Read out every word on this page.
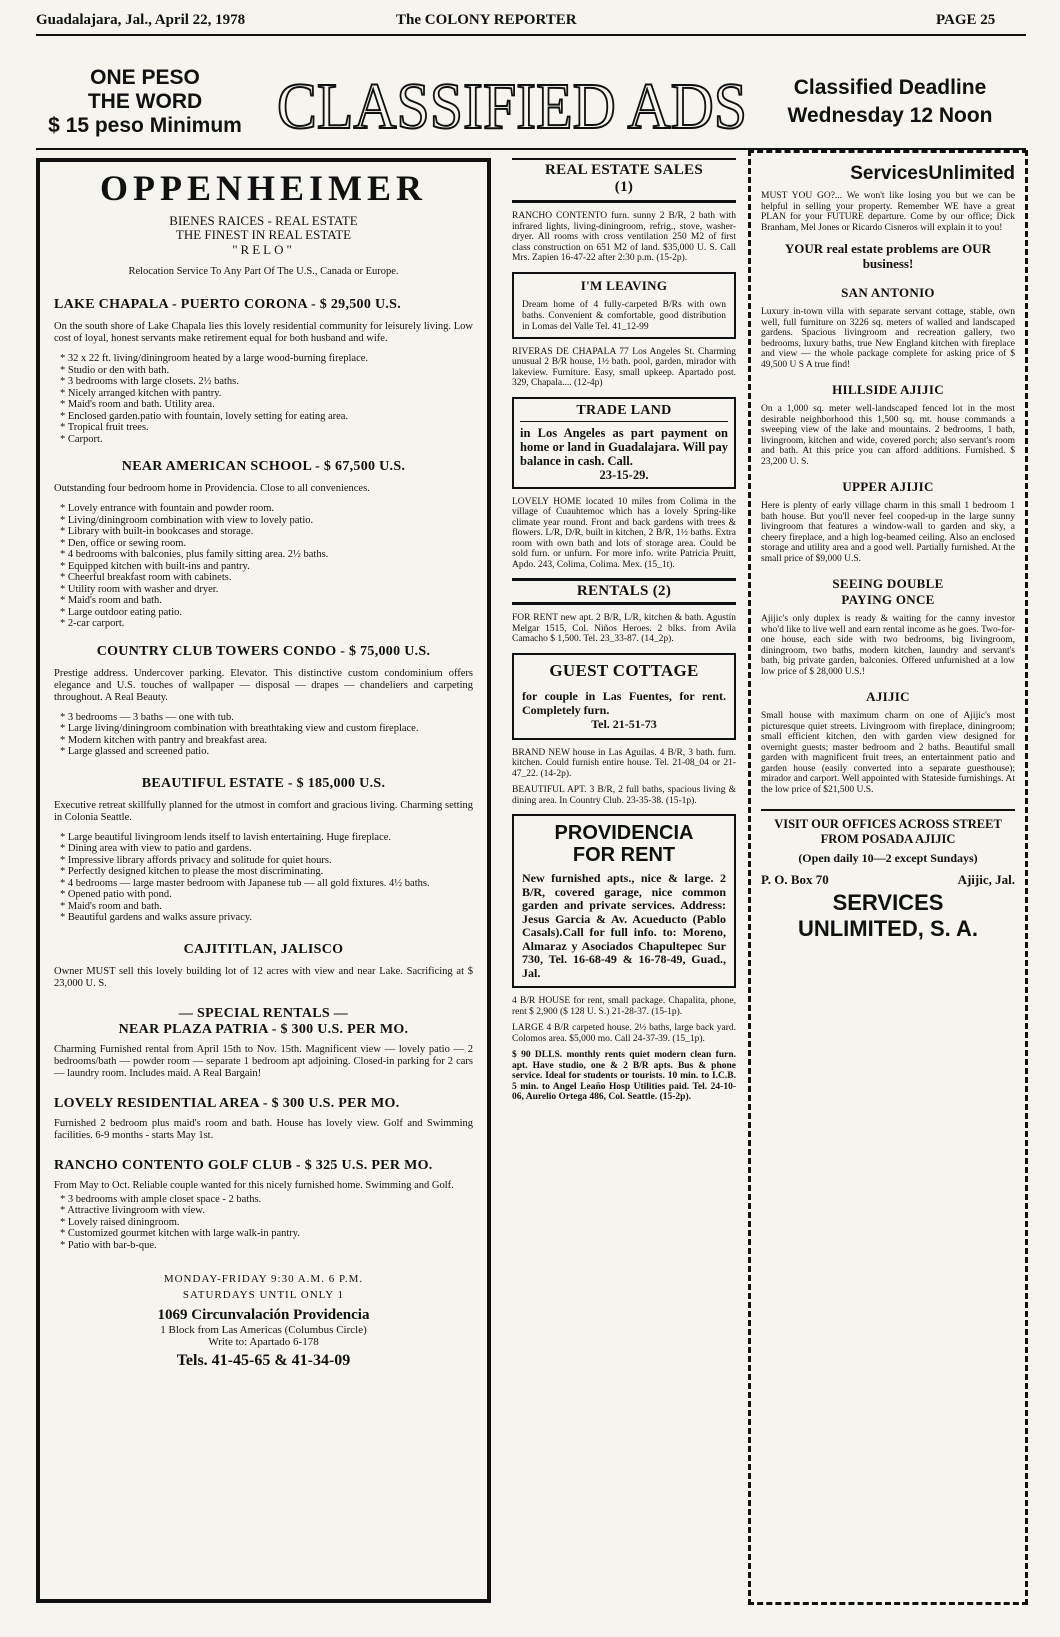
Guadalajara, Jal., April 22, 1978	The COLONY REPORTER	PAGE 25
ONE PESO
THE WORD
$ 15 peso Minimum CLASSIFIED ADS	Classified Deadline
Wednesday 12 Noon
OPPENHEIMER
BIENES RAICES - REAL ESTATE
THE FINEST IN REAL ESTATE
"RELO"
Relocation Service To Any Part Of The U.S., Canada or Europe.
LAKE CHAPALA - PUERTO CORONA - $ 29,500 U.S.

On the south shore of Lake Chapala lies this lovely residential community for leisurely living. Low cost of loyal, honest servants make retirement equal for both husband and wife.

* 32 x 22 ft. living/diningroom heated by a large wood-burning fireplace.
* Studio or den with bath.
* 3 bedrooms with large closets. 2½ baths.
* Nicely arranged kitchen with pantry.
* Maid's room and bath. Utility area.
* Enclosed garden.patio with fountain, lovely setting for eating area.
* Tropical fruit trees.
* Carport.
NEAR AMERICAN SCHOOL - $ 67,500 U.S.

Outstanding four bedroom home in Providencia. Close to all conveniences.

* Lovely entrance with fountain and powder room.
* Living/diningroom combination with view to lovely patio.
* Library with built-in bookcases and storage.
* Den, office or sewing room.
* 4 bedrooms with balconies, plus family sitting area. 2½ baths.
* Equipped kitchen with built-ins and pantry.
* Cheerful breakfast room with cabinets.
* Utility room with washer and dryer.
* Maid's room and bath.
* Large outdoor eating patio.
* 2-car carport.
COUNTRY CLUB TOWERS CONDO - $ 75,000 U.S.

Prestige address. Undercover parking. Elevator. This distinctive custom condominium offers elegance and U.S. touches of wallpaper — disposal — drapes — chandeliers and carpeting throughout. A Real Beauty.

* 3 bedrooms — 3 baths — one with tub.
* Large living/diningroom combination with breathtaking view and custom fireplace.
* Modern kitchen with pantry and breakfast area.
* Large glassed and screened patio.
BEAUTIFUL ESTATE - $ 185,000 U.S.

Executive retreat skillfully planned for the utmost in comfort and gracious living. Charming setting in Colonia Seattle.

* Large beautiful livingroom lends itself to lavish entertaining. Huge fireplace.
* Dining area with view to patio and gardens.
* Impressive library affords privacy and solitude for quiet hours.
* Perfectly designed kitchen to please the most discriminating.
* 4 bedrooms — large master bedroom with Japanese tub — all gold fixtures. 4½ baths.
* Opened patio with pond.
* Maid's room and bath.
* Beautiful gardens and walks assure privacy.
CAJITITLAN, JALISCO

Owner MUST sell this lovely building lot of 12 acres with view and near Lake. Sacrificing at $ 23,000 U. S.

— SPECIAL RENTALS —
NEAR PLAZA PATRIA - $ 300 U.S. PER MO.

Charming Furnished rental from April 15th to Nov. 15th. Magnificent view — lovely patio — 2 bedrooms/bath — powder room — separate 1 bedroom apt adjoining. Closed-in parking for 2 cars — laundry room. Includes maid. A Real Bargain!

LOVELY RESIDENTIAL AREA - $ 300 U.S. PER MO.

Furnished 2 bedroom plus maid's room and bath. House has lovely view. Golf and Swimming facilities. 6-9 months - starts May 1st.

RANCHO CONTENTO GOLF CLUB - $ 325 U.S. PER MO.

From May to Oct. Reliable couple wanted for this nicely furnished home. Swimming and Golf.

* 3 bedrooms with ample closet space - 2 baths.
* Attractive livingroom with view.
* Lovely raised diningroom.
* Customized gourmet kitchen with large walk-in pantry.
* Patio with bar-b-que.
MONDAY-FRIDAY 9:30 A.M. 6 P.M.
SATURDAYS UNTIL ONLY 1
1069 Circunvalación Providencia
1 Block from Las Americas (Columbus Circle)
Write to: Apartado 6-178
Tels. 41-45-65 & 41-34-09
REAL ESTATE SALES
(1)

RANCHO CONTENTO furn. sunny 2 B/R, 2 bath with infrared lights, living-diningroom, refrig., stove, washer-dryer. All rooms with cross ventilation 250 M2 of first class construction on 651 M2 of land. $35,000 U. S. Call Mrs. Zapien 16-47-22 after 2:30 p.m. (15-2p).

I'M LEAVING

Dream home of 4 fully-carpeted B/Rs with own baths. Convenient & comfortable, good distribution in Lomas del Valle Tel. 41_12-99

RIVERAS DE CHAPALA 77 Los Angeles St. Charming unusual 2 B/R house, 1½ bath. pool, garden, mirador with lakeview. Furniture. Easy, small upkeep. Apartado post. 329, Chapala.... (12-4p)

TRADE LAND

in Los Angeles as part payment on home or land in Guadalajara. Will pay balance in cash. Call.

23-15-29.

LOVELY HOME located 10 miles from Colima in the village of Cuauhtemoc which has a lovely Spring-like climate year round. Front and back gardens with trees & flowers. L/R, D/R, built in kitchen, 2 B/R, 1½ baths. Extra room with own bath and lots of storage area. Could be sold furn. or unfurn. For more info. write Patricia Pruitt, Apdo. 243, Colima, Colima. Mex. (15_1t).

RENTALS (2)

FOR RENT new apt. 2 B/R, L/R, kitchen & bath. Agustín Melgar 1515, Col. Niños Heroes. 2 blks. from Avila Camacho $ 1,500. Tel. 23_33-87. (14_2p).

GUEST COTTAGE

for couple in Las Fuentes, for rent. Completely furn.

Tel. 21-51-73

BRAND NEW house in Las Aguilas. 4 B/R, 3 bath. furn. kitchen. Could furnish entire house. Tel. 21-08_04 or 21-47_22. (14-2p).

BEAUTIFUL APT. 3 B/R, 2 full baths, spacious living & dining area. In Country Club. 23-35-38. (15-1p).

PROVIDENCIA
FOR RENT

New furnished apts., nice & large. 2 B/R, covered garage, nice common garden and private services. Address: Jesus Garcia & Av. Acueducto (Pablo Casals).Call for full info. to: Moreno, Almaraz y Asociados Chapultepec Sur 730, Tel. 16-68-49 & 16-78-49, Guad., Jal.

4 B/R HOUSE for rent, small package. Chapalita, phone, rent $ 2,900 ($ 128 U. S.) 21-28-37. (15-1p).

LARGE 4 B/R carpeted house. 2½ baths, large back yard. Colomos area. $5,000 mo. Call 24-37-39. (15_1p).

$ 90 DLLS. monthly rents quiet modern clean furn. apt. Have studio, one & 2 B/R apts. Bus & phone service. Ideal for students or tourists. 10 min. to I.C.B. 5 min. to Angel Leaño Hosp Utilities paid. Tel. 24-10-06, Aurelio Ortega 486, Col. Seattle. (15-2p).

ServicesUnlimited

MUST YOU GO?... We won't like losing you but we can be helpful in selling your property. Remember WE have a great PLAN for your FUTURE departure. Come by our office; Dick Branham, Mel Jones or Ricardo Cisneros will explain it to you!

YOUR real estate problems are OUR business!
SAN ANTONIO

Luxury in-town villa with separate servant cottage, stable, own well, full furniture on 3226 sq. meters of walled and landscaped gardens. Spacious livingroom and recreation gallery, two bedrooms, luxury baths, true New England kitchen with fireplace and view — the whole package complete for asking price of $ 49,500 U S A true find!

HILLSIDE AJIJIC

On a 1,000 sq. meter well-landscaped fenced lot in the most desirable neighborhood this 1,500 sq. mt. house commands a sweeping view of the lake and mountains. 2 bedrooms, 1 bath, livingroom, kitchen and wide, covered porch; also servant's room and bath. At this price you can afford additions. Furnished. $ 23,200 U. S.

UPPER AJIJIC

Here is plenty of early village charm in this small 1 bedroom 1 bath house. But you'll never feel cooped-up in the large sunny livingroom that features a window-wall to garden and sky, a cheery fireplace, and a high log-beamed ceiling. Also an enclosed storage and utility area and a good well. Partially furnished. At the small price of $9,000 U.S.

SEEING DOUBLE
PAYING ONCE

Ajijic's only duplex is ready & waiting for the canny investor who'd like to live well and earn rental income as he goes. Two-for-one house, each side with two bedrooms, big livingroom, diningroom, two baths, modern kitchen, laundry and servant's bath, big private garden, balconies. Offered unfurnished at a low low price of $ 28,000 U.S.!

AJIJIC

Small house with maximum charm on one of Ajijic's most picturesque quiet streets. Livingroom with fireplace, diningroom; small efficient kitchen, den with garden view designed for overnight guests; master bedroom and 2 baths. Beautiful small garden with magnificent fruit trees, an entertainment patio and garden house (easily converted into a separate guesthouse); mirador and carport. Well appointed with Stateside furnishings. At the low price of $21,500 U.S.

VISIT OUR OFFICES ACROSS STREET FROM POSADA AJIJIC
(Open daily 10—2 except Sundays)
P. O. Box 70	Ajijic, Jal.
SERVICES
UNLIMITED, S. A.
